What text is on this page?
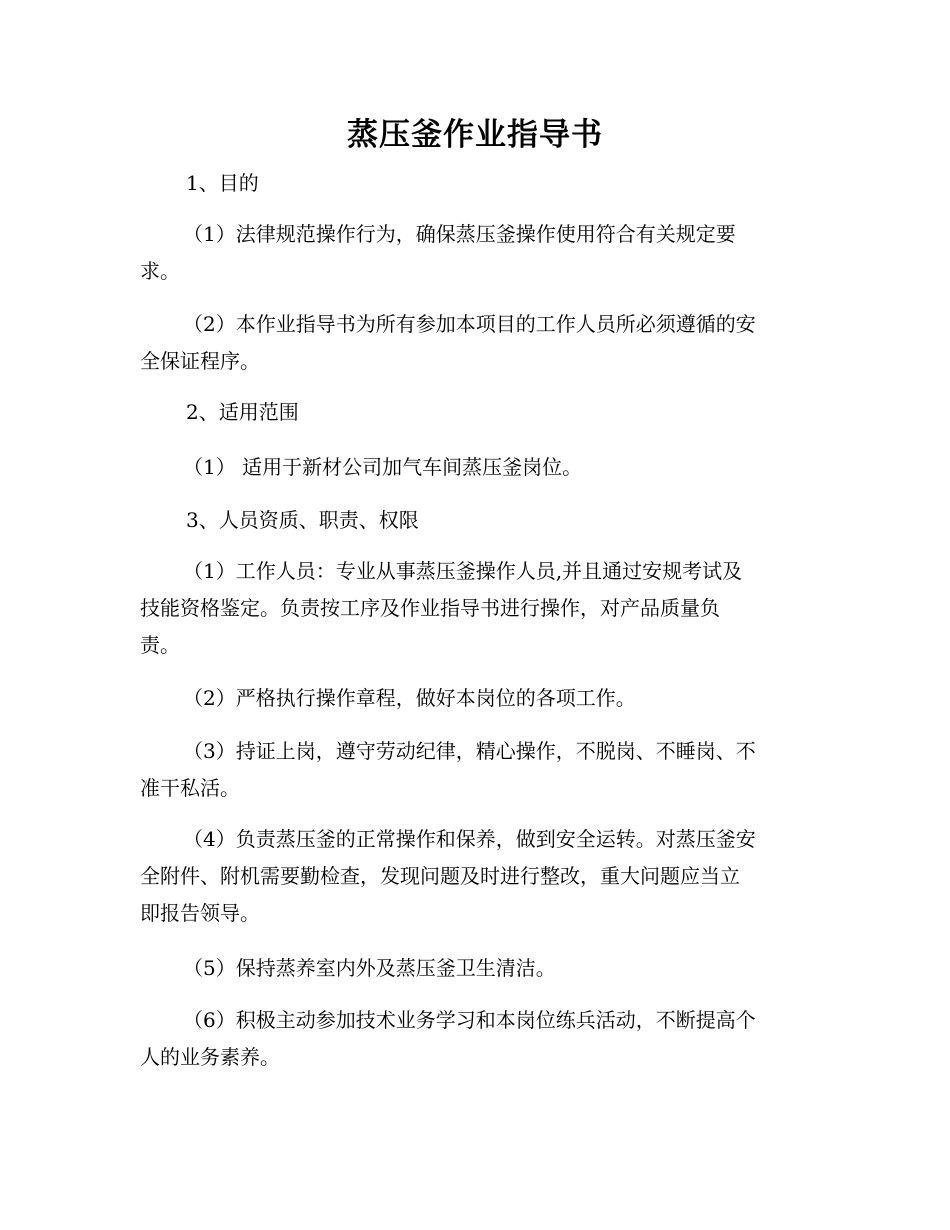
蒸压釜作业指导书
1、目的
（1）法律规范操作行为，确保蒸压釜操作使用符合有关规定要
求。
（2）本作业指导书为所有参加本项目的工作人员所必须遵循的安
全保证程序。
2、适用范围
（1） 适用于新材公司加气车间蒸压釜岗位。
3、人员资质、职责、权限
（1）工作人员：专业从事蒸压釜操作人员,并且通过安规考试及
技能资格鉴定。负责按工序及作业指导书进行操作，对产品质量负
责。
（2）严格执行操作章程，做好本岗位的各项工作。
（3）持证上岗，遵守劳动纪律，精心操作，不脱岗、不睡岗、不
准干私活。
（4）负责蒸压釜的正常操作和保养，做到安全运转。对蒸压釜安
全附件、附机需要勤检查，发现问题及时进行整改，重大问题应当立
即报告领导。
（5）保持蒸养室内外及蒸压釜卫生清洁。
（6）积极主动参加技术业务学习和本岗位练兵活动，不断提高个
人的业务素养。
